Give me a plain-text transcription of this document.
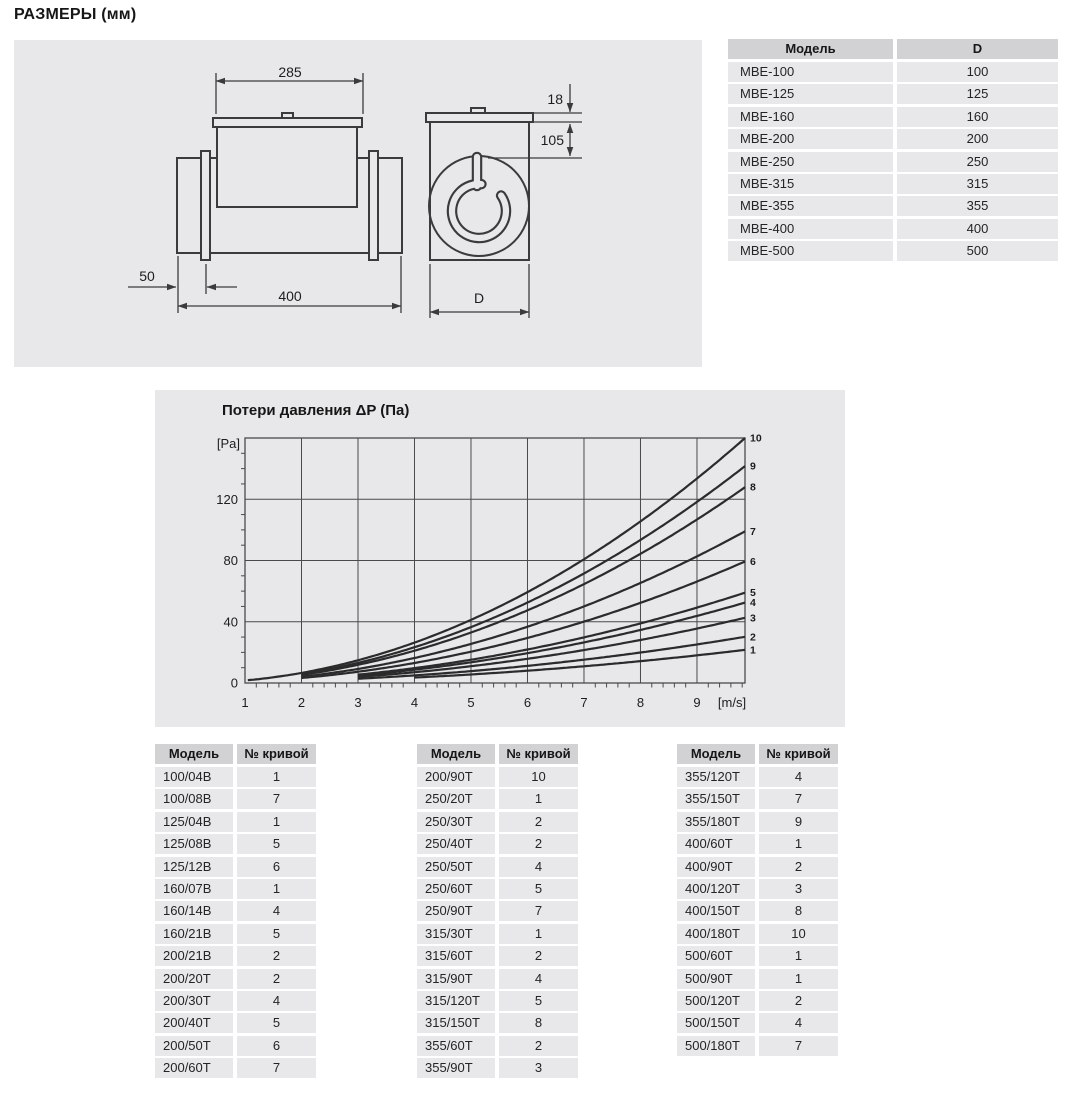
РАЗМЕРЫ (мм)
285
400
50
18
105
D
Модель	D
МВЕ-100	100
МВЕ-125	125
МВЕ-160	160
МВЕ-200	200
МВЕ-250	250
МВЕ-315	315
МВЕ-355	355
МВЕ-400	400
МВЕ-500	500
Потери давления ΔP (Па)
0
40
80
120
1	2	3	4	5	6	7	8	9
[Pa]
[m/s]
1
2
3
4
5
6
7
8
9
10
Модель	№ кривой
100/04В	1
100/08В	7
125/04В	1
125/08В	5
125/12В	6
160/07В	1
160/14В	4
160/21В	5
200/21В	2
200/20Т	2
200/30Т	4
200/40Т	5
200/50Т	6
200/60Т	7
Модель	№ кривой
200/90Т	10
250/20Т	1
250/30Т	2
250/40Т	2
250/50Т	4
250/60Т	5
250/90Т	7
315/30Т	1
315/60Т	2
315/90Т	4
315/120Т	5
315/150Т	8
355/60Т	2
355/90Т	3
Модель	№ кривой
355/120Т	4
355/150Т	7
355/180Т	9
400/60Т	1
400/90Т	2
400/120Т	3
400/150Т	8
400/180Т	10
500/60Т	1
500/90Т	1
500/120Т	2
500/150Т	4
500/180Т	7
